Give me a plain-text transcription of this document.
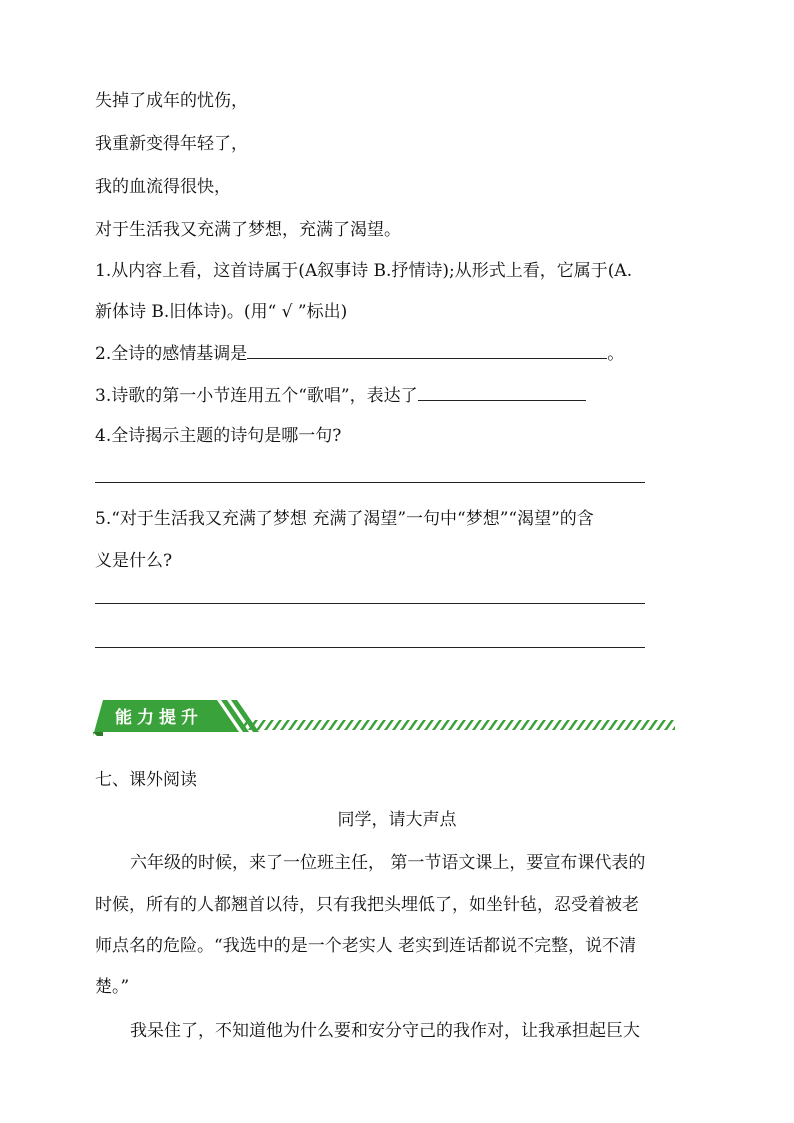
失掉了成年的忧伤，
我重新变得年轻了，
我的血流得很快，
对于生活我又充满了梦想，充满了渴望。
1.从内容上看，这首诗属于(A叙事诗 B.抒情诗);从形式上看，它属于(A.
新体诗 B.旧体诗)。(用“ √ ”标出)
2.全诗的感情基调是	。
3.诗歌的第一小节连用五个“歌唱”，表达了
4.全诗揭示主题的诗句是哪一句?
5.“对于生活我又充满了梦想 充满了渴望”一句中“梦想”“渴望”的含
义是什么?
能力提升
七、课外阅读
同学，请大声点
六年级的时候，来了一位班主任， 第一节语文课上，要宣布课代表的
时候，所有的人都翘首以待，只有我把头埋低了，如坐针毡，忍受着被老
师点名的危险。“我选中的是一个老实人 老实到连话都说不完整，说不清
楚。”
我呆住了，不知道他为什么要和安分守己的我作对，让我承担起巨大
